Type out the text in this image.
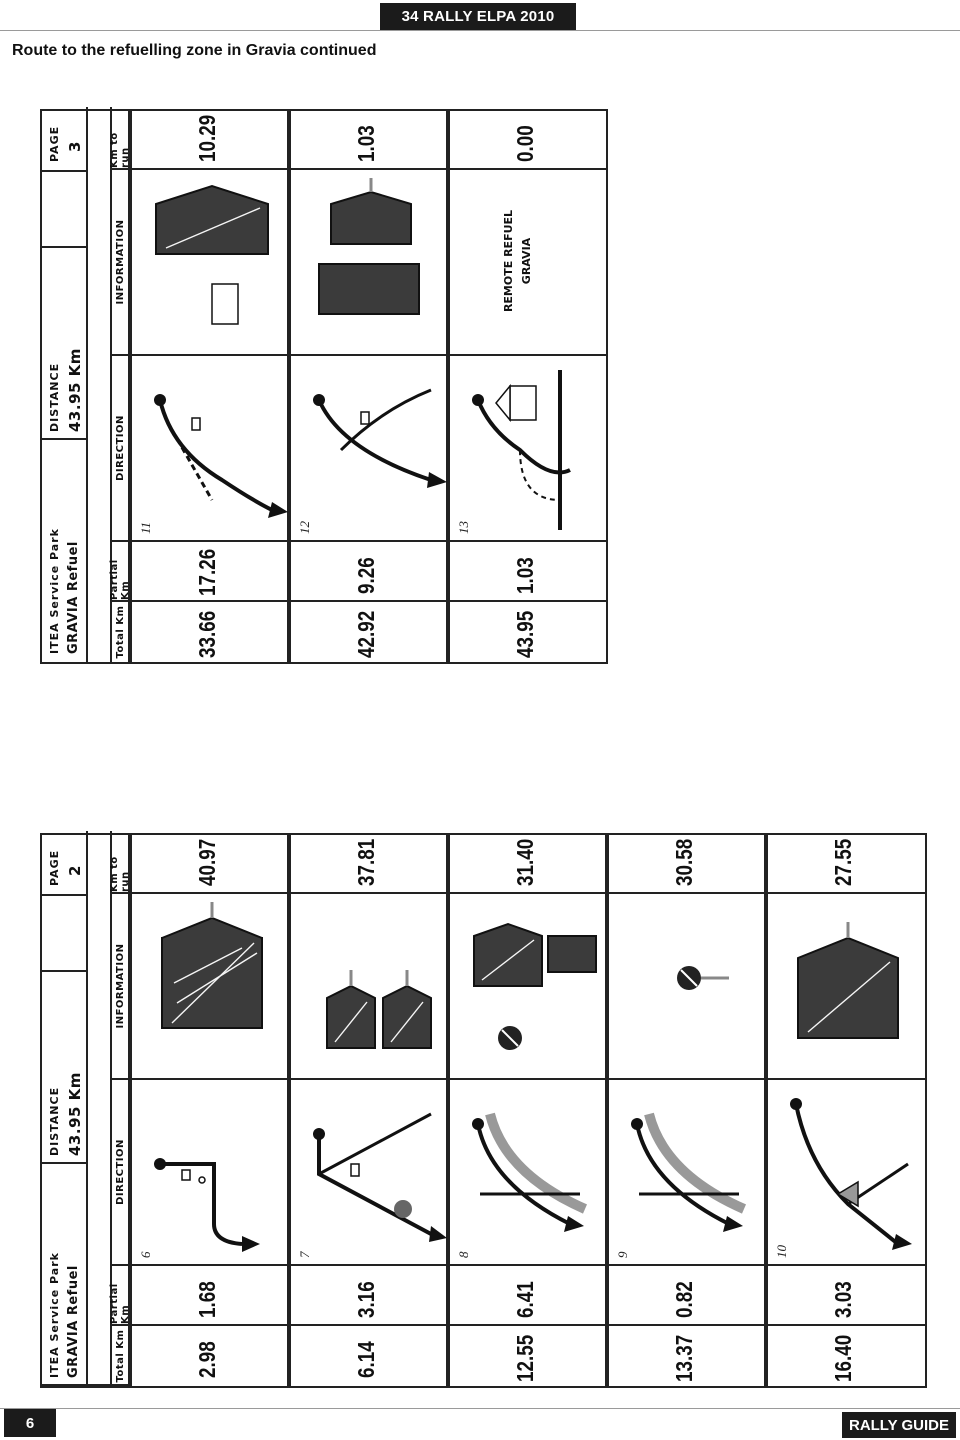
34 RALLY ELPA 2010
Route to the refuelling zone in Gravia continued
ITEA Service Park GRAVIA Refuel
DISTANCE 43.95 Km
PAGE 2
Total Km
Partial Km
DIRECTION
INFORMATION
Km to run
2.98
1.68
40.97
6
6.14
3.16
37.81
7
12.55
6.41
31.40
8
13.37
0.82
30.58
9
16.40
3.03
27.55
10
ITEA Service Park GRAVIA Refuel
DISTANCE 43.95 Km
PAGE 3
Total Km
Partial Km
DIRECTION
INFORMATION
Km to run
33.66
17.26
10.29
11
42.92
9.26
1.03
12
43.95
1.03
0.00
13
REMOTE REFUEL GRAVIA
6	RALLY GUIDE
